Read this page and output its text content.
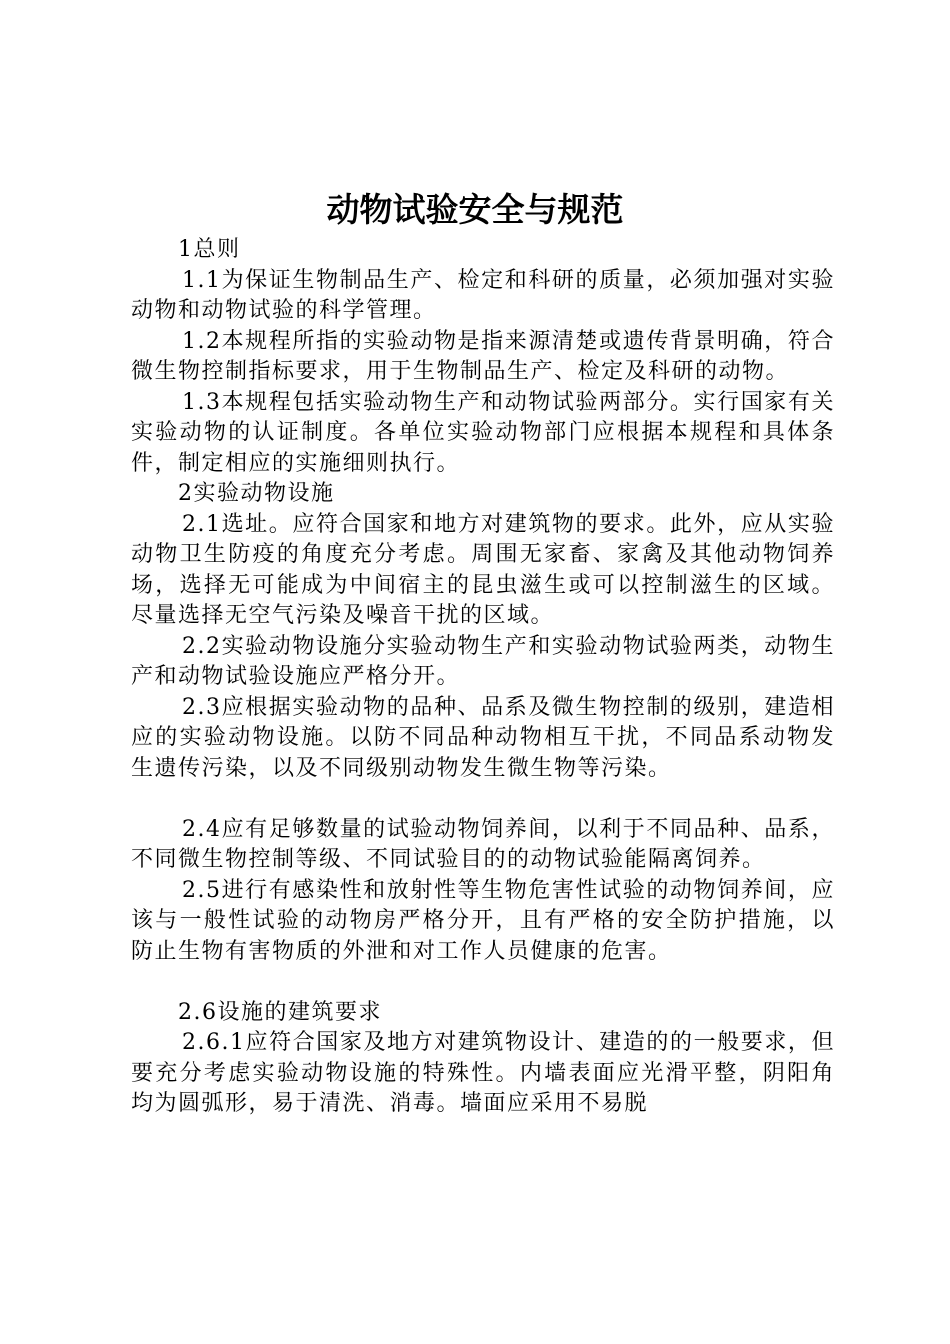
动物试验安全与规范

1总则

1.1为保证生物制品生产、检定和科研的质量，必须加强对实验动物和动物试验的科学管理。

1.2本规程所指的实验动物是指来源清楚或遗传背景明确，符合微生物控制指标要求，用于生物制品生产、检定及科研的动物。

1.3本规程包括实验动物生产和动物试验两部分。实行国家有关实验动物的认证制度。各单位实验动物部门应根据本规程和具体条件，制定相应的实施细则执行。

2实验动物设施

2.1选址。应符合国家和地方对建筑物的要求。此外，应从实验动物卫生防疫的角度充分考虑。周围无家畜、家禽及其他动物饲养场，选择无可能成为中间宿主的昆虫滋生或可以控制滋生的区域。尽量选择无空气污染及噪音干扰的区域。

2.2实验动物设施分实验动物生产和实验动物试验两类，动物生产和动物试验设施应严格分开。

2.3应根据实验动物的品种、品系及微生物控制的级别，建造相应的实验动物设施。以防不同品种动物相互干扰，不同品系动物发生遗传污染，以及不同级别动物发生微生物等污染。

2.4应有足够数量的试验动物饲养间，以利于不同品种、品系，不同微生物控制等级、不同试验目的的动物试验能隔离饲养。

2.5进行有感染性和放射性等生物危害性试验的动物饲养间，应该与一般性试验的动物房严格分开，且有严格的安全防护措施，以防止生物有害物质的外泄和对工作人员健康的危害。

2.6设施的建筑要求

2.6.1应符合国家及地方对建筑物设计、建造的的一般要求，但要充分考虑实验动物设施的特殊性。内墙表面应光滑平整，阴阳角均为圆弧形，易于清洗、消毒。墙面应采用不易脱
